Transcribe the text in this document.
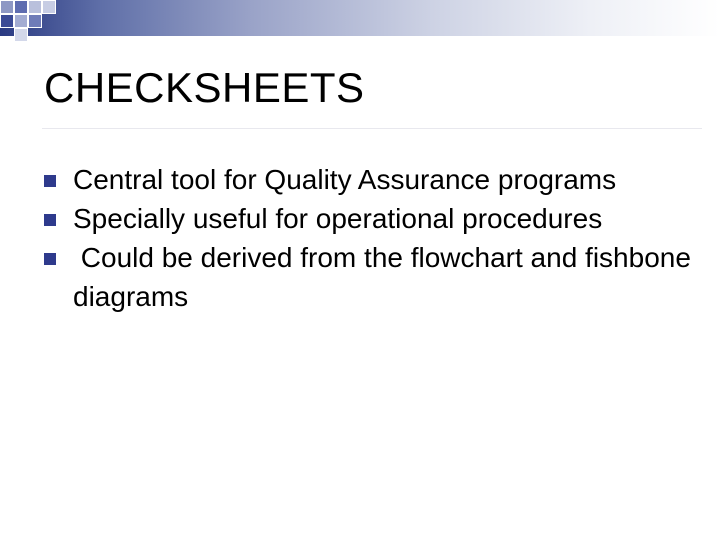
CHECKSHEETS
Central tool for Quality Assurance programs
Specially useful for operational procedures
Could be derived from the flowchart and fishbone diagrams
